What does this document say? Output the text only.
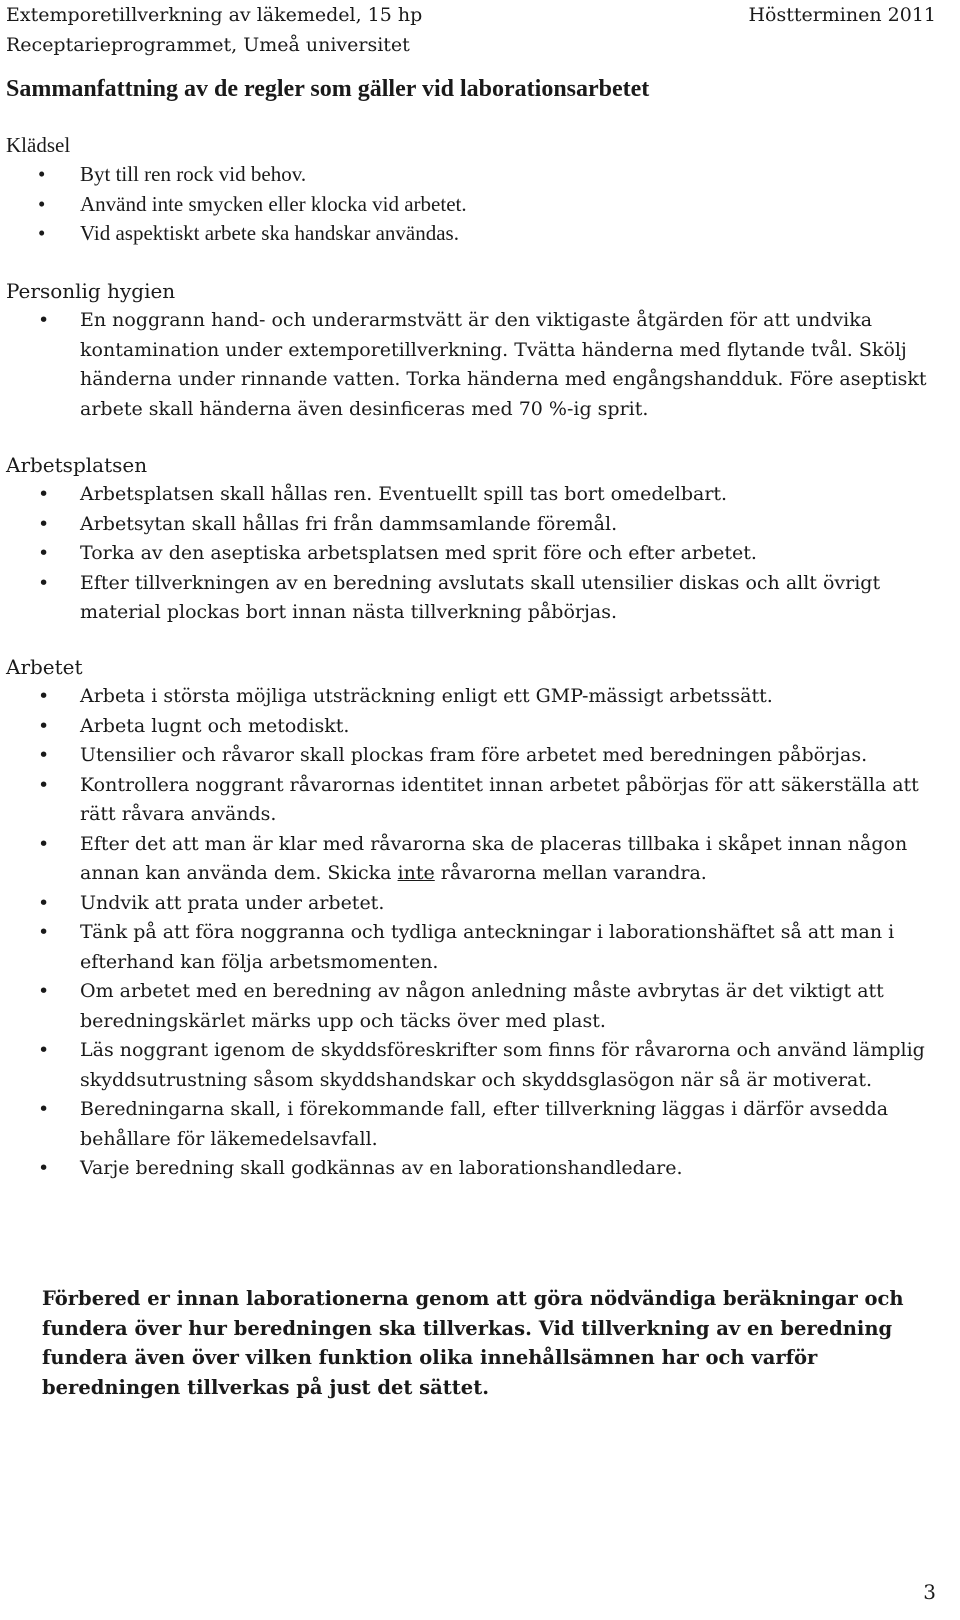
Extemporetillverkning av läkemedel, 15 hp	Höstterminen 2011
Receptarieprogrammet, Umeå universitet
Sammanfattning av de regler som gäller vid laborationsarbetet
Klädsel
• Byt till ren rock vid behov.
• Använd inte smycken eller klocka vid arbetet.
• Vid aspektiskt arbete ska handskar användas.
Personlig hygien
• En noggrann hand- och underarmstvätt är den viktigaste åtgärden för att undvika kontamination under extemporetillverkning. Tvätta händerna med flytande tvål. Skölj händerna under rinnande vatten. Torka händerna med engångshandduk. Före aseptiskt arbete skall händerna även desinficeras med 70 %-ig sprit.
Arbetsplatsen
• Arbetsplatsen skall hållas ren. Eventuellt spill tas bort omedelbart.
• Arbetsytan skall hållas fri från dammsamlande föremål.
• Torka av den aseptiska arbetsplatsen med sprit före och efter arbetet.
• Efter tillverkningen av en beredning avslutats skall utensilier diskas och allt övrigt material plockas bort innan nästa tillverkning påbörjas.
Arbetet
• Arbeta i största möjliga utsträckning enligt ett GMP-mässigt arbetssätt.
• Arbeta lugnt och metodiskt.
• Utensilier och råvaror skall plockas fram före arbetet med beredningen påbörjas.
• Kontrollera noggrant råvarornas identitet innan arbetet påbörjas för att säkerställa att rätt råvara används.
• Efter det att man är klar med råvarorna ska de placeras tillbaka i skåpet innan någon annan kan använda dem. Skicka inte råvarorna mellan varandra.
• Undvik att prata under arbetet.
• Tänk på att föra noggranna och tydliga anteckningar i laborationshäftet så att man i efterhand kan följa arbetsmomenten.
• Om arbetet med en beredning av någon anledning måste avbrytas är det viktigt att beredningskärlet märks upp och täcks över med plast.
• Läs noggrant igenom de skyddsföreskrifter som finns för råvarorna och använd lämplig skyddsutrustning såsom skyddshandskar och skyddsglasögon när så är motiverat.
• Beredningarna skall, i förekommande fall, efter tillverkning läggas i därför avsedda behållare för läkemedelsavfall.
• Varje beredning skall godkännas av en laborationshandledare.

Förbered er innan laborationerna genom att göra nödvändiga beräkningar och fundera över hur beredningen ska tillverkas. Vid tillverkning av en beredning fundera även över vilken funktion olika innehållsämnen har och varför beredningen tillverkas på just det sättet.

3
